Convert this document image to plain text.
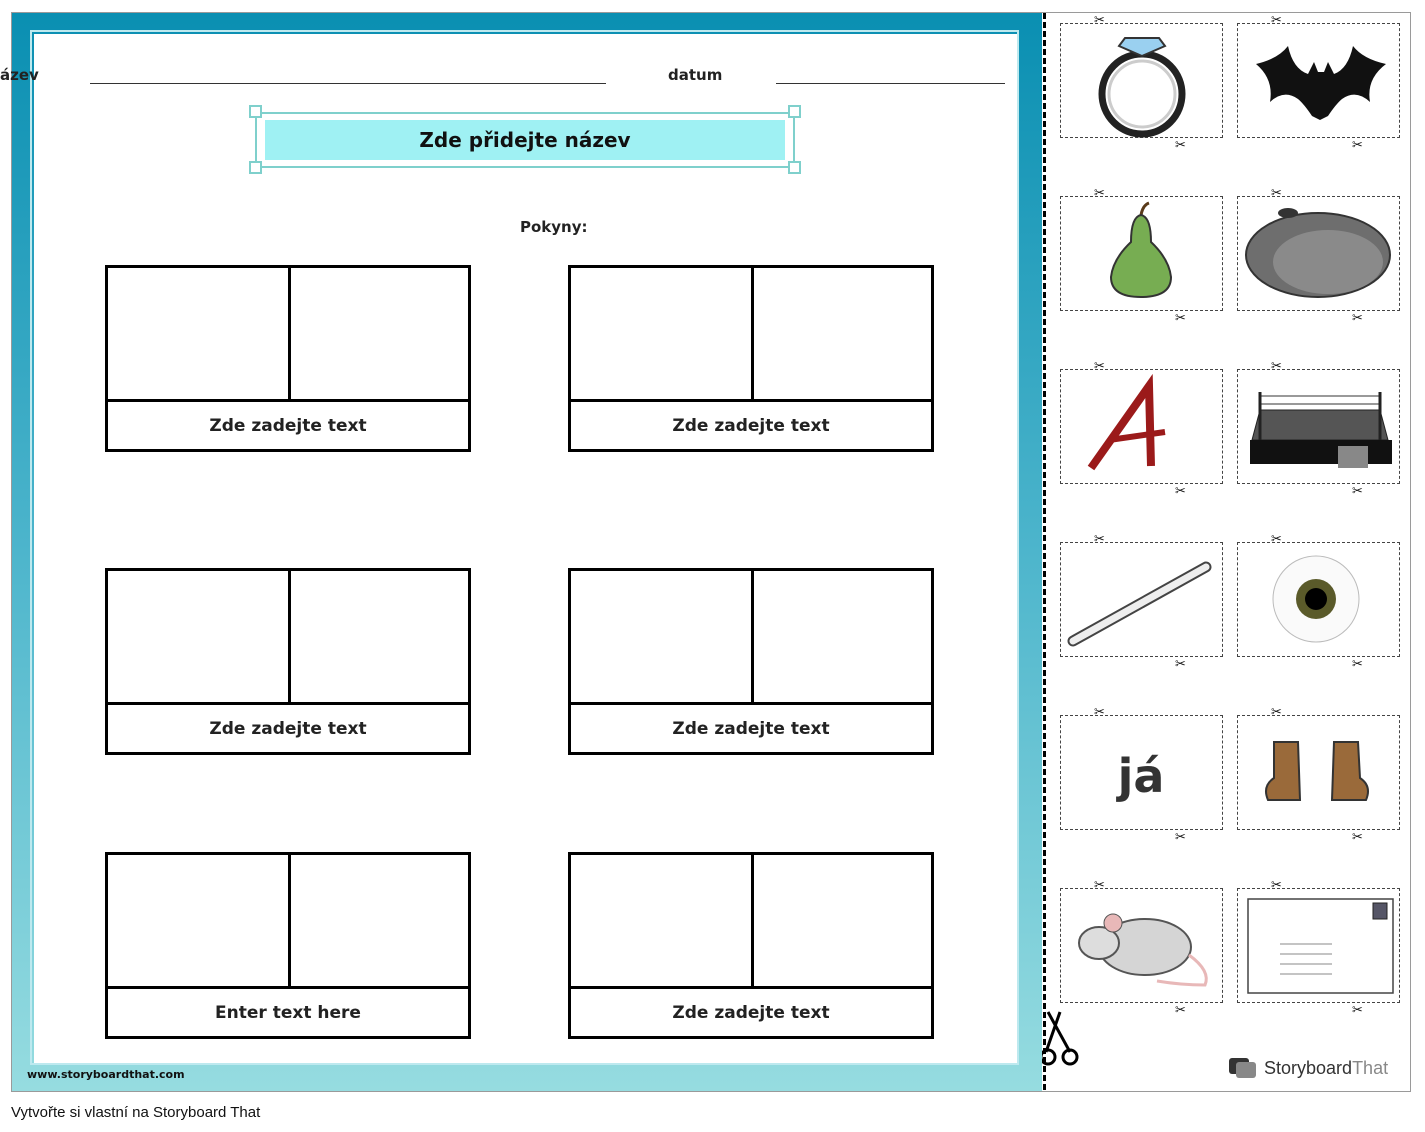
ázev	datum
Zde přidejte název
Pokyny:
Zde zadejte text	Zde zadejte text
Zde zadejte text	Zde zadejte text
Enter text here	Zde zadejte text
www.storyboardthat.com
já
✂
✂
✂
✂
✂
✂
✂
✂
✂
✂
✂
✂
✂
✂
✂
✂
✂
✂
✂
✂
✂
✂
✂
✂
StoryboardThat
Vytvořte si vlastní na Storyboard That
